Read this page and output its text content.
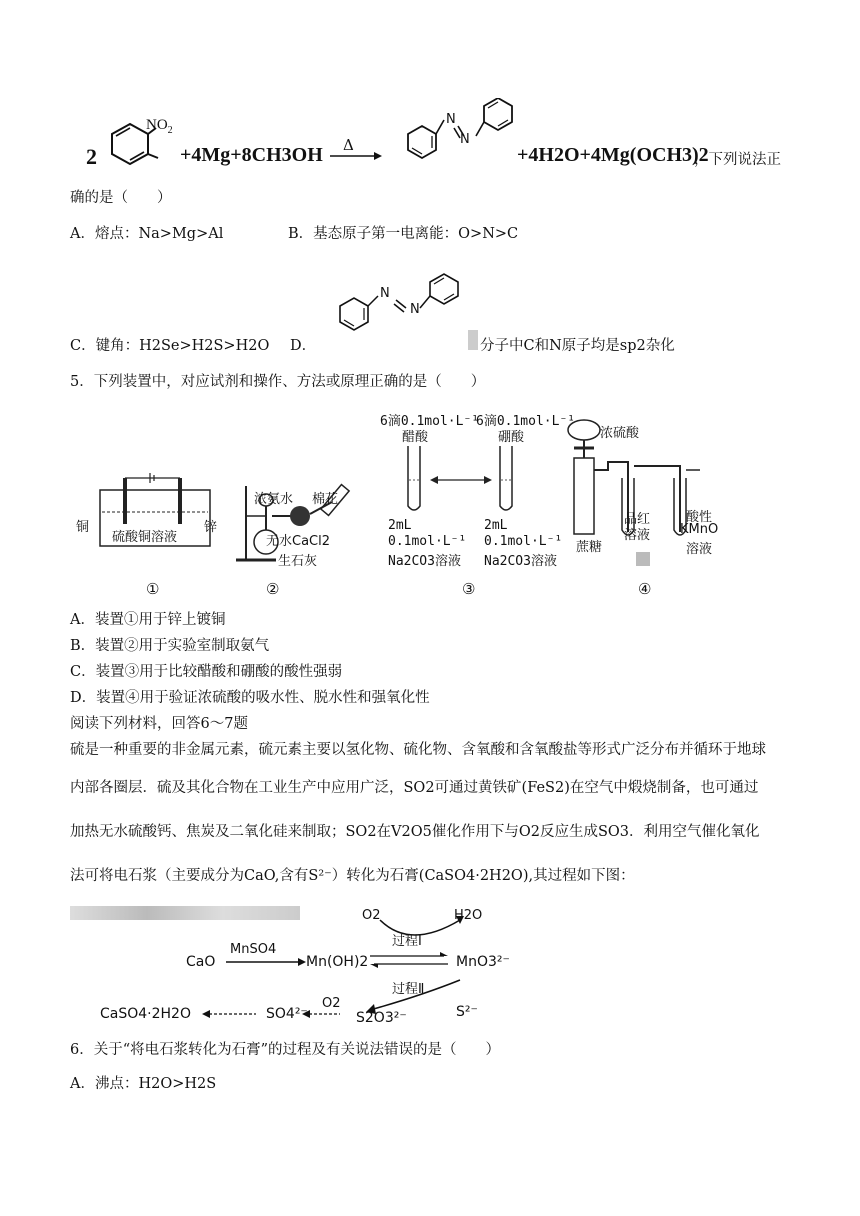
2
$NO_2$
+4Mg+8CH3OH Δ
N
N
+4H2O+4Mg(OCH3)2
，下列说法正
确的是（　　）
A．熔点：Na>Mg>Al	B．基态原子第一电离能：O>N>C
N
N
C．键角：H2Se>H2S>H2O D．	分子中C和N原子均是sp2杂化
5．下列装置中，对应试剂和操作、方法或原理正确的是（　　）
铜	锌
硫酸铜溶液
①
浓氨水 棉花
无水CaCl2
生石灰
②
6滴0.1mol·L⁻¹
醋酸
6滴0.1mol·L⁻¹
硼酸
2mL
0.1mol·L⁻¹
Na2CO3溶液
2mL
0.1mol·L⁻¹
Na2CO3溶液
③
浓硫酸
蔗糖
品红
溶液
酸性
KMnO
溶液
④
A．装置①用于锌上镀铜
B．装置②用于实验室制取氨气
C．装置③用于比较醋酸和硼酸的酸性强弱
D．装置④用于验证浓硫酸的吸水性、脱水性和强氧化性
阅读下列材料，回答6～7题
硫是一种重要的非金属元素，硫元素主要以氢化物、硫化物、含氧酸和含氧酸盐等形式广泛分布并循环于地球
内部各圈层．硫及其化合物在工业生产中应用广泛，SO2可通过黄铁矿(FeS2)在空气中煅烧制备，也可通过
加热无水硫酸钙、焦炭及二氧化硅来制取；SO2在V2O5催化作用下与O2反应生成SO3．利用空气催化氧化
法可将电石浆（主要成分为CaO,含有S²⁻）转化为石膏(CaSO4·2H2O),其过程如下图：
O2	H2O
过程Ⅰ
CaO
MnSO4
Mn(OH)2	MnO3²⁻
过程Ⅱ
O2
CaSO4·2H2O	SO4²⁻	S2O3²⁻	S²⁻
6．关于“将电石浆转化为石膏”的过程及有关说法错误的是（　　）
A．沸点：H2O>H2S
